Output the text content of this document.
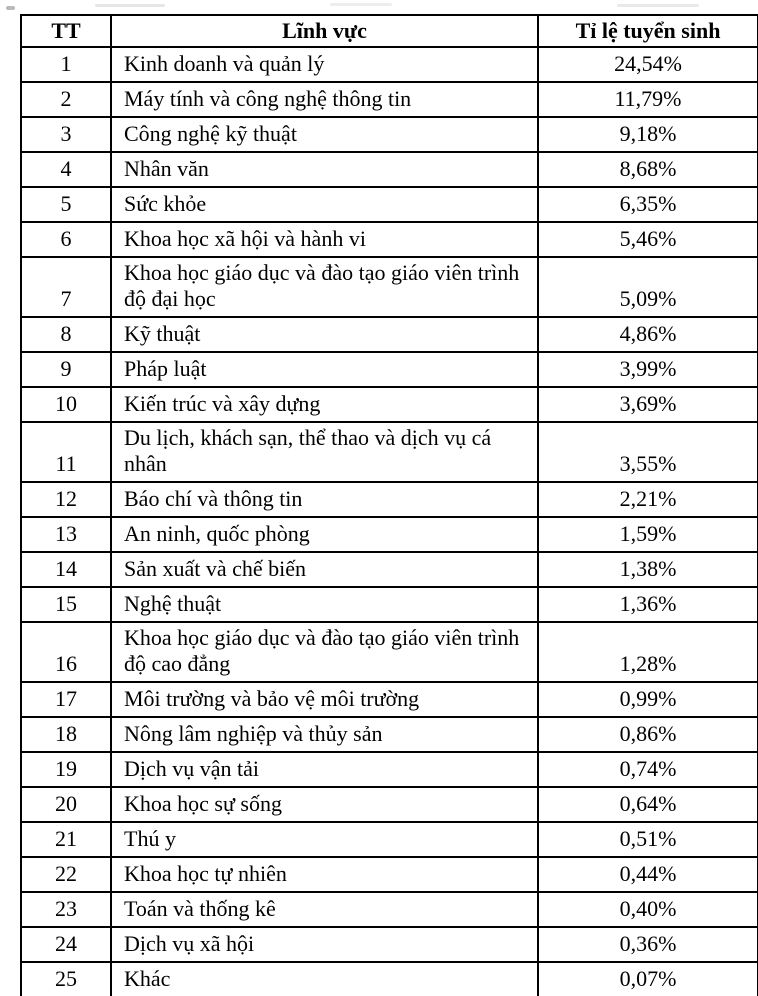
TT	Lĩnh vực	Tỉ lệ tuyển sinh
1	Kinh doanh và quản lý	24,54%
2	Máy tính và công nghệ thông tin	11,79%
3	Công nghệ kỹ thuật	9,18%
4	Nhân văn	8,68%
5	Sức khỏe	6,35%
6	Khoa học xã hội và hành vi	5,46%
7	Khoa học giáo dục và đào tạo giáo viên trình độ đại học	5,09%
8	Kỹ thuật	4,86%
9	Pháp luật	3,99%
10	Kiến trúc và xây dựng	3,69%
11	Du lịch, khách sạn, thể thao và dịch vụ cá nhân	3,55%
12	Báo chí và thông tin	2,21%
13	An ninh, quốc phòng	1,59%
14	Sản xuất và chế biến	1,38%
15	Nghệ thuật	1,36%
16	Khoa học giáo dục và đào tạo giáo viên trình độ cao đẳng	1,28%
17	Môi trường và bảo vệ môi trường	0,99%
18	Nông lâm nghiệp và thủy sản	0,86%
19	Dịch vụ vận tải	0,74%
20	Khoa học sự sống	0,64%
21	Thú y	0,51%
22	Khoa học tự nhiên	0,44%
23	Toán và thống kê	0,40%
24	Dịch vụ xã hội	0,36%
25	Khác	0,07%
